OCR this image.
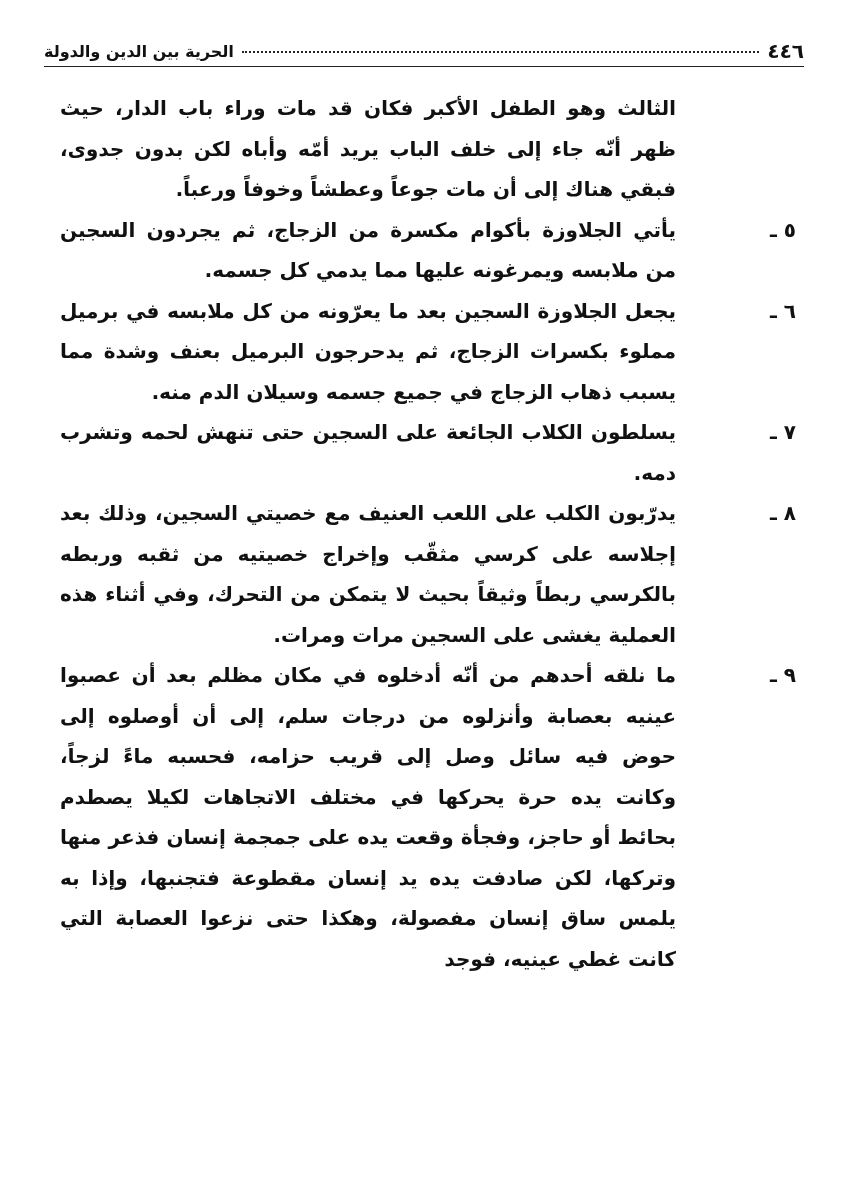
٤٤٦
الحرية بين الدين والدولة

الثالث وهو الطفل الأكبر فكان قد مات وراء باب الدار، حيث ظهر أنّه جاء إلى خلف الباب يريد أمّه وأباه لكن بدون جدوى، فبقي هناك إلى أن مات جوعاً وعطشاً وخوفاً ورعباً.

٥ ـ
يأتي الجلاوزة بأكوام مكسرة من الزجاج، ثم يجردون السجين من ملابسه ويمرغونه عليها مما يدمي كل جسمه.
٦ ـ
يجعل الجلاوزة السجين بعد ما يعرّونه من كل ملابسه في برميل مملوء بكسرات الزجاج، ثم يدحرجون البرميل بعنف وشدة مما يسبب ذهاب الزجاج في جميع جسمه وسيلان الدم منه.
٧ ـ
يسلطون الكلاب الجائعة على السجين حتى تنهش لحمه وتشرب دمه.
٨ ـ
يدرّبون الكلب على اللعب العنيف مع خصيتي السجين، وذلك بعد إجلاسه على كرسي مثقّب وإخراج خصيتيه من ثقبه وربطه بالكرسي ربطاً وثيقاً بحيث لا يتمكن من التحرك، وفي أثناء هذه العملية يغشى على السجين مرات ومرات.
٩ ـ
ما نلقه أحدهم من أنّه أدخلوه في مكان مظلم بعد أن عصبوا عينيه بعصابة وأنزلوه من درجات سلم، إلى أن أوصلوه إلى حوض فيه سائل وصل إلى قريب حزامه، فحسبه ماءً لزجاً، وكانت يده حرة يحركها في مختلف الاتجاهات لكيلا يصطدم بحائط أو حاجز، وفجأة وقعت يده على جمجمة إنسان فذعر منها وتركها، لكن صادفت يده يد إنسان مقطوعة فتجنبها، وإذا به يلمس ساق إنسان مفصولة، وهكذا حتى نزعوا العصابة التي كانت غطي عينيه، فوجد
